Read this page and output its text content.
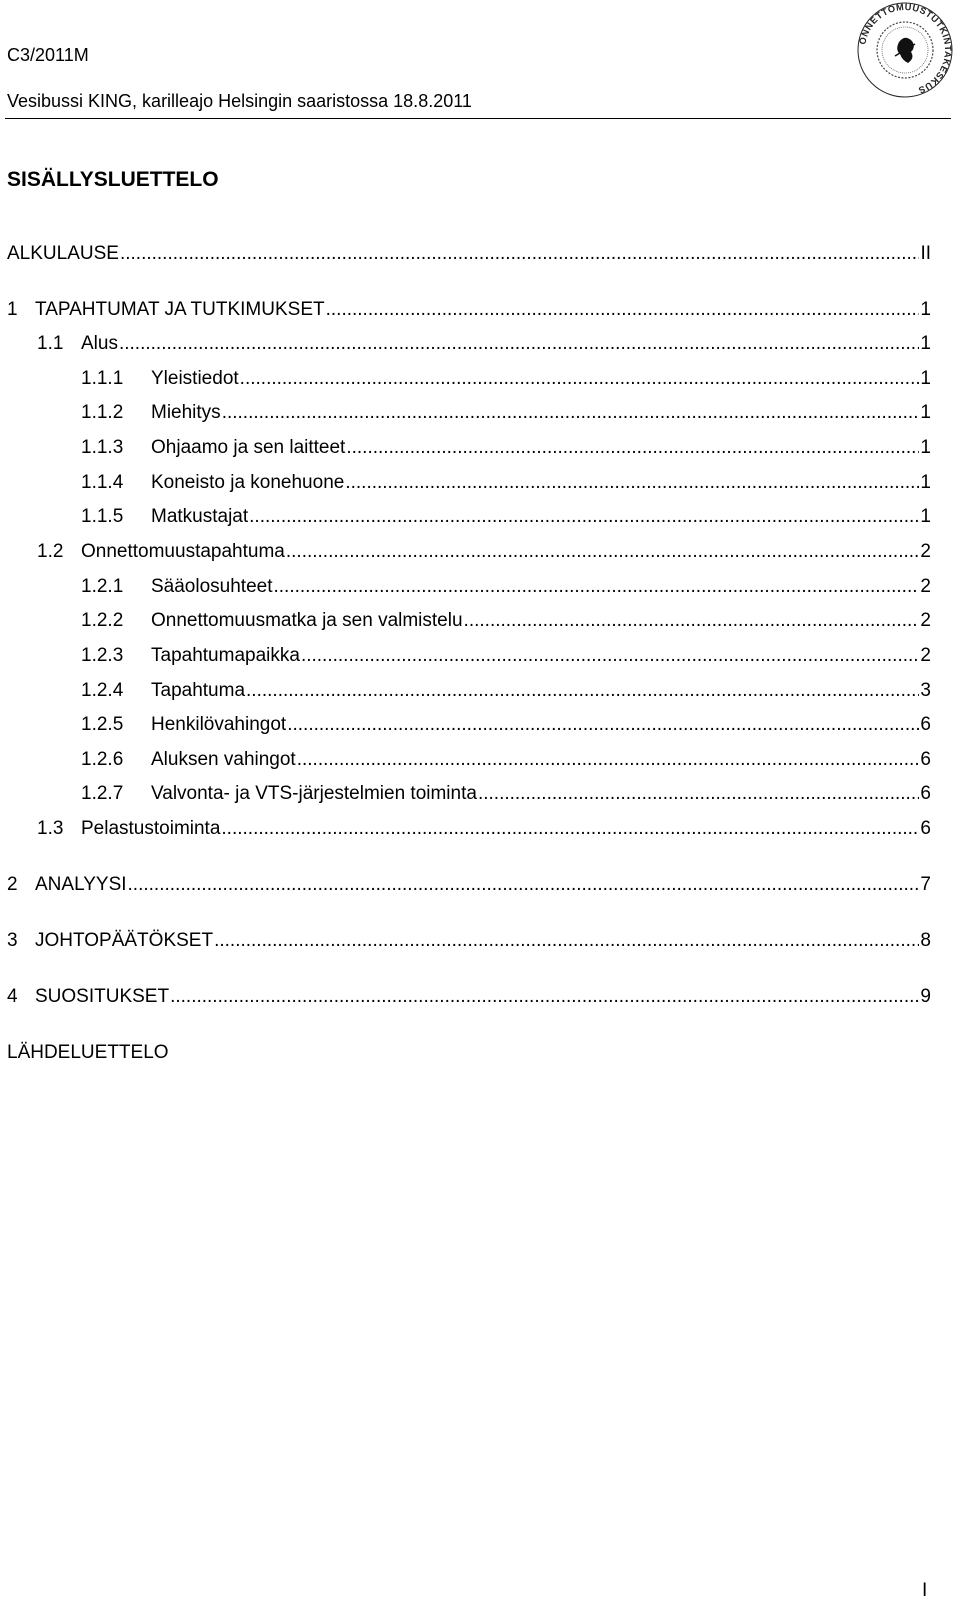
C3/2011M
Vesibussi KING, karilleajo Helsingin saaristossa 18.8.2011
ONNETTOMUUSTUTKINTAKESKUS
SISÄLLYSLUETTELO
ALKULAUSE .....	II
1 TAPAHTUMAT JA TUTKIMUKSET .....	1
1.1 Alus .....	1
1.1.1	Yleistiedot .....	1
1.1.2	Miehitys .....	1
1.1.3	Ohjaamo ja sen laitteet .....	1
1.1.4	Koneisto ja konehuone .....	1
1.1.5	Matkustajat .....	1
1.2 Onnettomuustapahtuma .....	2
1.2.1	Sääolosuhteet .....	2
1.2.2	Onnettomuusmatka ja sen valmistelu .....	2
1.2.3	Tapahtumapaikka .....	2
1.2.4	Tapahtuma .....	3
1.2.5	Henkilövahingot .....	6
1.2.6	Aluksen vahingot .....	6
1.2.7	Valvonta- ja VTS-järjestelmien toiminta .....	6
1.3 Pelastustoiminta .....	6
2 ANALYYSI .....	7
3 JOHTOPÄÄTÖKSET .....	8
4 SUOSITUKSET .....	9
LÄHDELUETTELO
I
